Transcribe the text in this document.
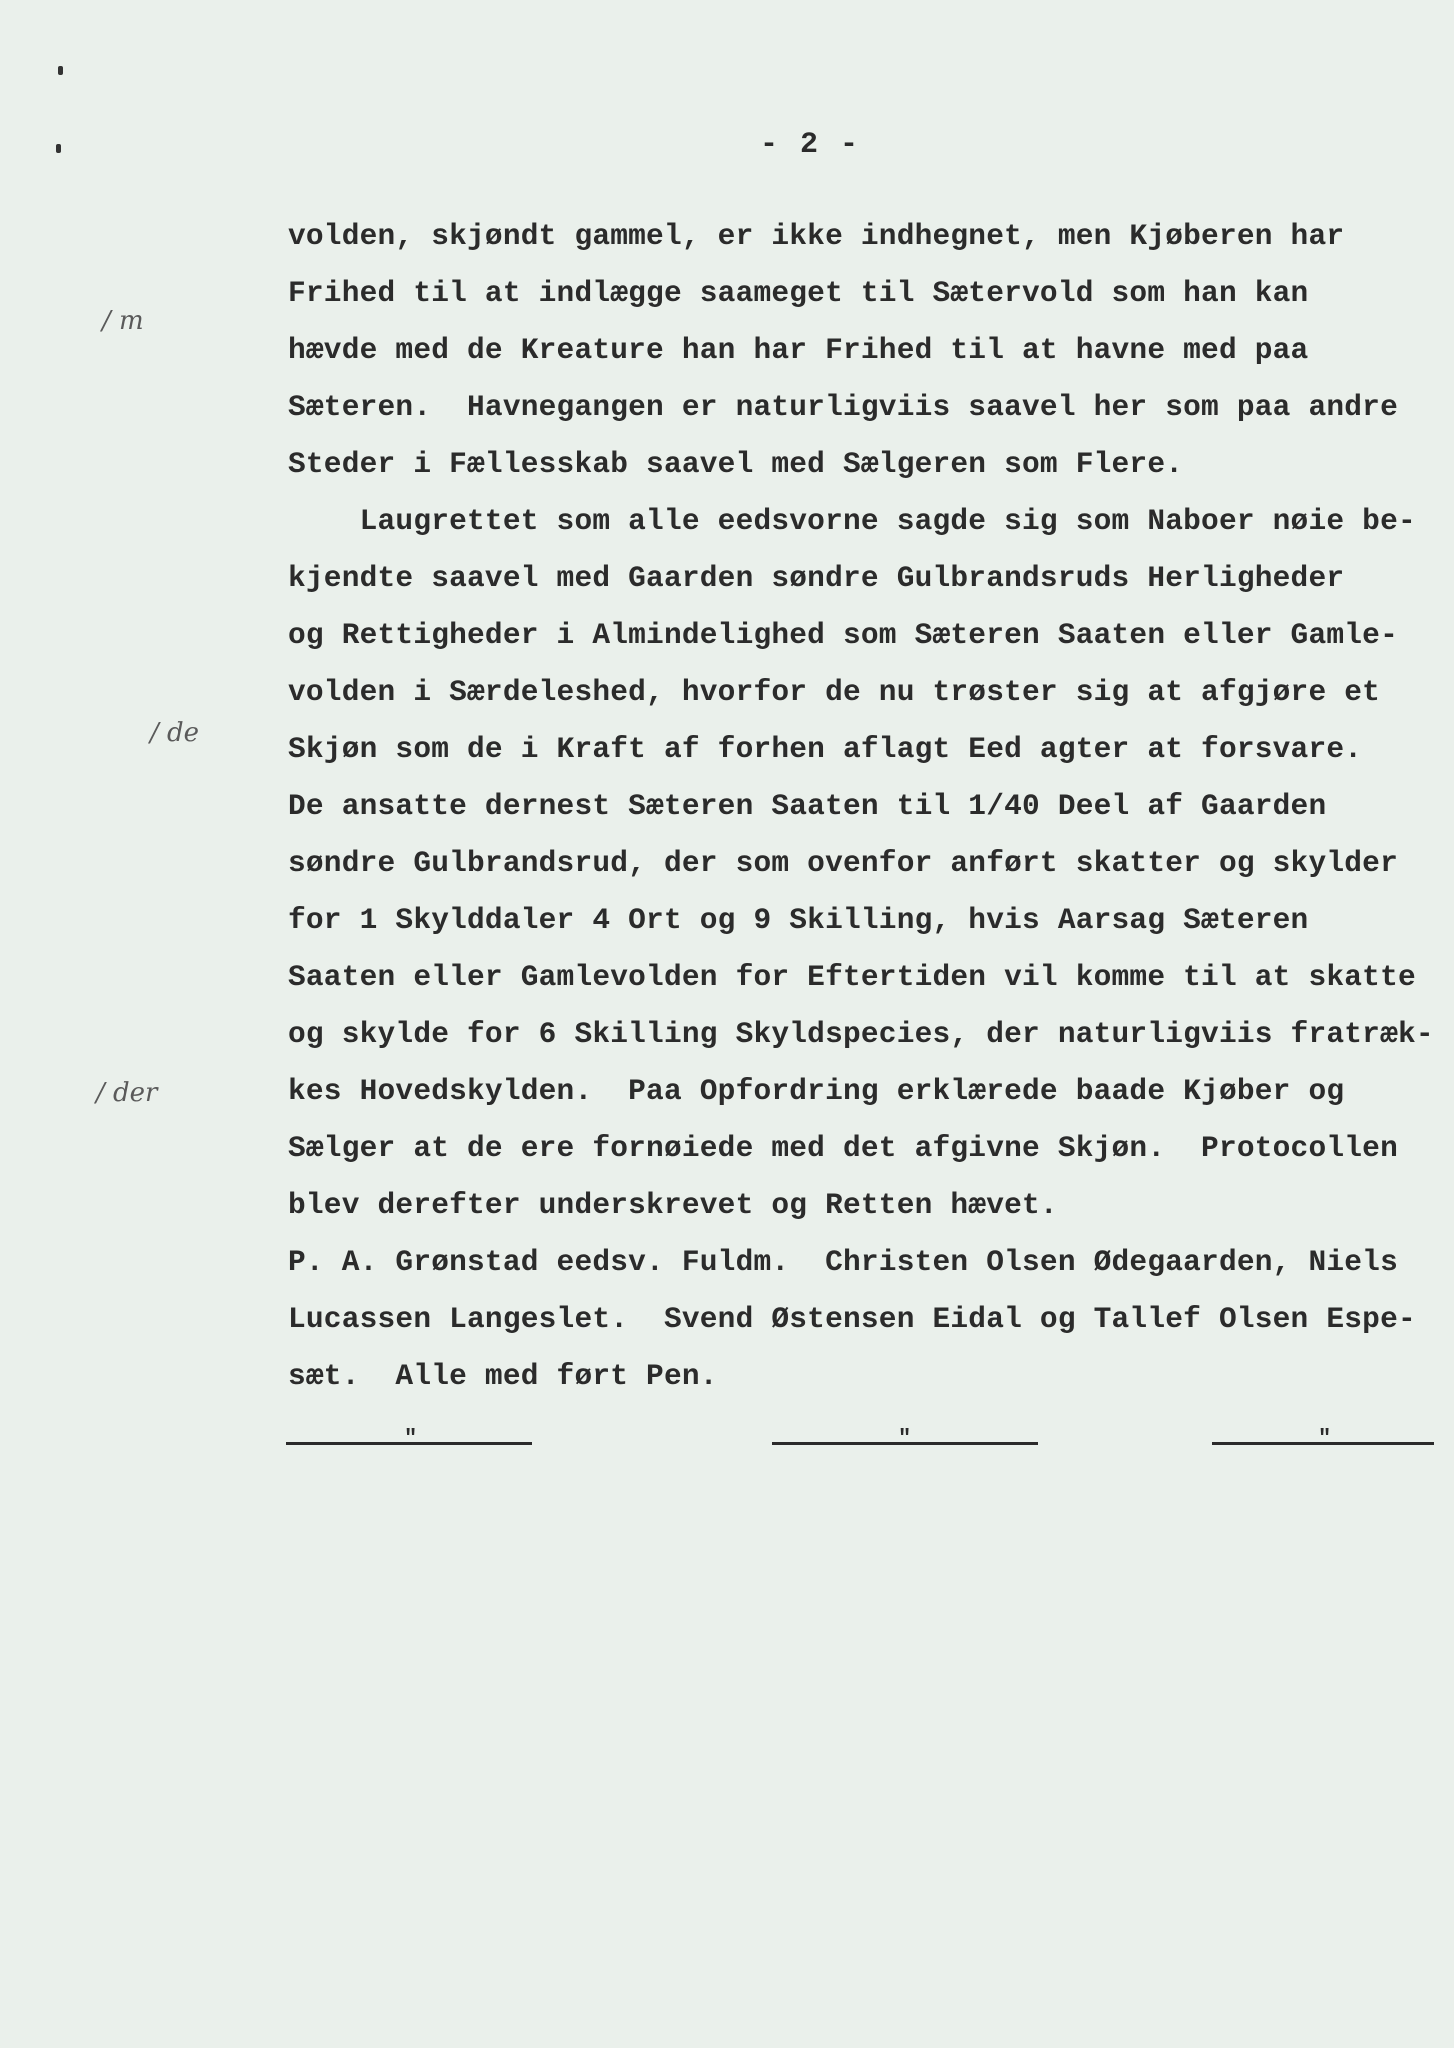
- 2 -
/ m
/ de
/ der
volden, skjøndt gammel, er ikke indhegnet, men Kjøberen har
Frihed til at indlægge saameget til Sætervold som han kan
hævde med de Kreature han har Frihed til at havne med paa
Sæteren.  Havnegangen er naturligviis saavel her som paa andre
Steder i Fællesskab saavel med Sælgeren som Flere.
Laugrettet som alle eedsvorne sagde sig som Naboer nøie be-
kjendte saavel med Gaarden søndre Gulbrandsruds Herligheder
og Rettigheder i Almindelighed som Sæteren Saaten eller Gamle-
volden i Særdeleshed, hvorfor de nu trøster sig at afgjøre et
Skjøn som de i Kraft af forhen aflagt Eed agter at forsvare.
De ansatte dernest Sæteren Saaten til 1/40 Deel af Gaarden
søndre Gulbrandsrud, der som ovenfor anført skatter og skylder
for 1 Skylddaler 4 Ort og 9 Skilling, hvis Aarsag Sæteren
Saaten eller Gamlevolden for Eftertiden vil komme til at skatte
og skylde for 6 Skilling Skyldspecies, der naturligviis fratræk-
kes Hovedskylden.  Paa Opfordring erklærede baade Kjøber og
Sælger at de ere fornøiede med det afgivne Skjøn.  Protocollen
blev derefter underskrevet og Retten hævet.
P. A. Grønstad eedsv. Fuldm.  Christen Olsen Ødegaarden, Niels
Lucassen Langeslet.  Svend Østensen Eidal og Tallef Olsen Espe-
sæt.  Alle med ført Pen.
"	"	"
